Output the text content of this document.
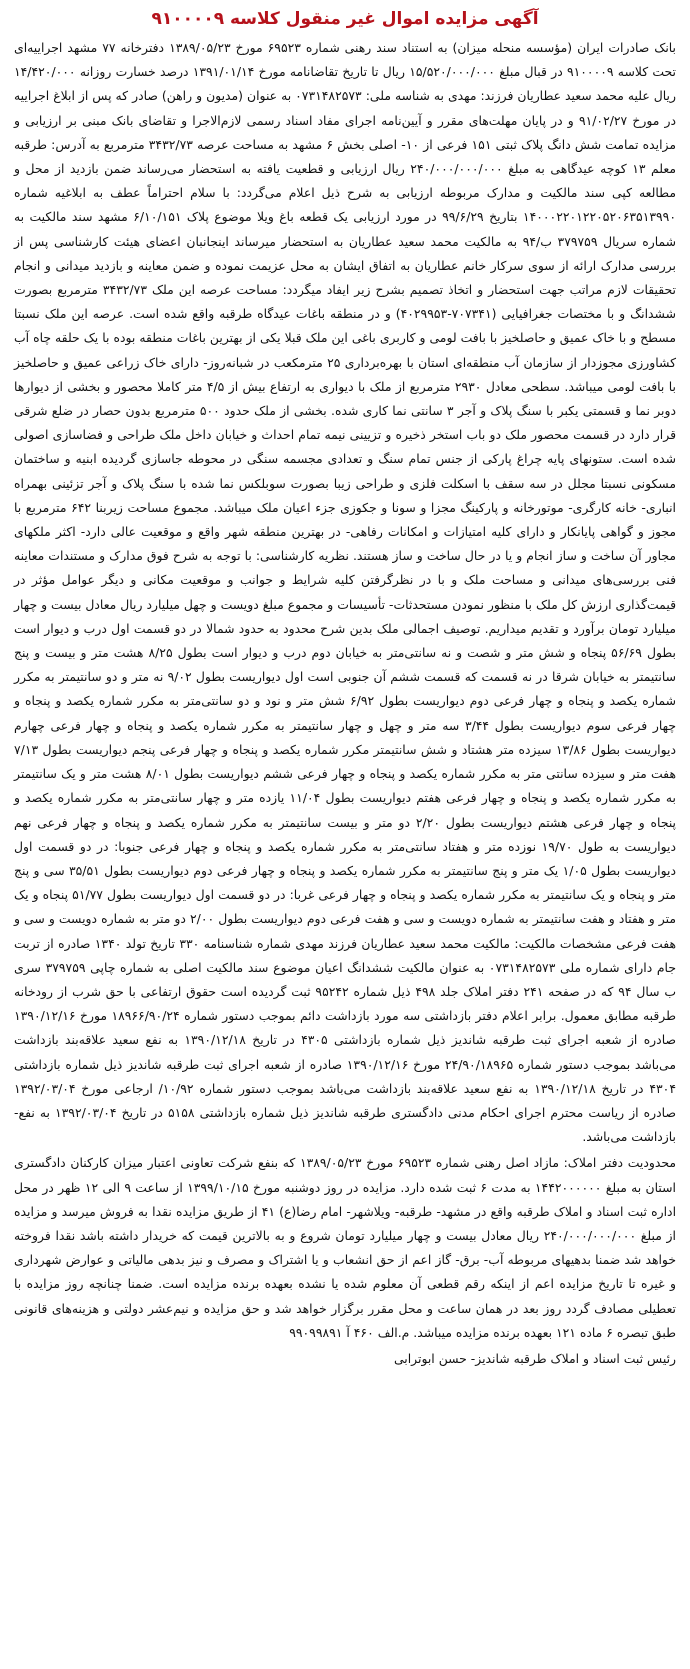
آگهی مزایده اموال غیر منقول کلاسه ۹۱۰۰۰۰۹

بانک صادرات ایران (مؤسسه منحله میزان) به استناد سند رهنی شماره ۶۹۵۲۳ مورخ ۱۳۸۹/۰۵/۲۳ دفترخانه ۷۷ مشهد اجراییه‌ای تحت کلاسه ۹۱۰۰۰۰۹ در قبال مبلغ ۱۵/۵۲۰/۰۰۰/۰۰۰ ریال تا تاریخ تقاضانامه مورخ ۱۳۹۱/۰۱/۱۴ درصد خسارت روزانه ۱۴/۴۲۰/۰۰۰ ریال علیه محمد سعید عطاریان فرزند: مهدی به شناسه ملی: ۰۷۳۱۴۸۲۵۷۳ به عنوان (مدیون و راهن) صادر که پس از ابلاغ اجراییه در مورخ ۹۱/۰۲/۲۷ و در پایان مهلت‌های مقرر و آیین‌نامه اجرای مفاد اسناد رسمی لازم‌الاجرا و تقاضای بانک مبنی بر ارزیابی و مزایده تمامت شش دانگ پلاک ثبتی ۱۵۱ فرعی از ۱۰- اصلی بخش ۶ مشهد به مساحت عرصه ۳۴۳۲/۷۳ مترمربع به آدرس: طرقبه معلم ۱۳ کوچه عیدگاهی به مبلغ ۲۴۰/۰۰۰/۰۰۰/۰۰۰ ریال ارزیابی و قطعیت یافته به استحضار می‌رساند ضمن بازدید از محل و مطالعه کپی سند مالکیت و مدارک مربوطه ارزیابی به شرح ذیل اعلام می‌گردد: با سلام احتراماً عطف به ابلاغیه شماره ۱۴۰۰۰۲۲۰۱۲۲۰۵۲۰۶۳۵۱۳۹۹۰ بتاریخ ۹۹/۶/۲۹ در مورد ارزیابی یک قطعه باغ ویلا موضوع پلاک ۶/۱۰/۱۵۱ مشهد سند مالکیت به شماره سریال ۳۷۹۷۵۹ ب/۹۴ به مالکیت محمد سعید عطاریان به استحضار میرساند اینجانبان اعضای هیئت کارشناسی پس از بررسی مدارک ارائه از سوی سرکار خانم عطاریان به اتفاق ایشان به محل عزیمت نموده و ضمن معاینه و بازدید میدانی و انجام تحقیقات لازم مراتب جهت استحضار و اتخاذ تصمیم بشرح زیر ایفاد میگردد: مساحت عرصه این ملک ۳۴۳۲/۷۳ مترمربع بصورت ششدانگ و با مختصات جغرافیایی (۷۰۷۳۴۱-۴۰۲۹۹۵۳) و در منطقه باغات عیدگاه طرقبه واقع شده است. عرصه این ملک نسبتا مسطح و با خاک عمیق و حاصلخیز با بافت لومی و کاربری باغی این ملک قبلا یکی از بهترین باغات منطقه بوده با یک حلقه چاه آب کشاورزی مجوزدار از سازمان آب منطقه‌ای استان با بهره‌برداری ۲۵ مترمکعب در شبانه‌روز- دارای خاک زراعی عمیق و حاصلخیز با بافت لومی میباشد. سطحی معادل ۲۹۳۰ مترمربع از ملک با دیواری به ارتفاع بیش از ۴/۵ متر کاملا محصور و بخشی از دیوارها دوبر نما و قسمتی یکبر با سنگ پلاک و آجر ۳ سانتی نما کاری شده. بخشی از ملک حدود ۵۰۰ مترمربع بدون حصار در ضلع شرقی قرار دارد در قسمت محصور ملک دو باب استخر ذخیره و تزیینی نیمه تمام احداث و خیابان داخل ملک طراحی و فضاسازی اصولی شده است. ستونهای پایه چراغ پارکی از جنس تمام سنگ و تعدادی مجسمه سنگی در محوطه جاسازی گردیده ابنیه و ساختمان مسکونی نسبتا مجلل در سه سقف با اسکلت فلزی و طراحی زیبا بصورت سوبلکس نما شده با سنگ پلاک و آجر تزئینی بهمراه انباری- خانه کارگری- موتورخانه و پارکینگ مجزا و سونا و جکوزی جزء اعیان ملک میباشد. مجموع مساحت زیربنا ۶۴۲ مترمربع با مجوز و گواهی پایانکار و دارای کلیه امتیازات و امکانات رفاهی- در بهترین منطقه شهر واقع و موقعیت عالی دارد- اکثر ملکهای مجاور آن ساخت و ساز انجام و یا در حال ساخت و ساز هستند. نظریه کارشناسی: با توجه به شرح فوق مدارک و مستندات معاینه فنی بررسی‌های میدانی و مساحت ملک و با در نظرگرفتن کلیه شرایط و جوانب و موقعیت مکانی و دیگر عوامل مؤثر در قیمت‌گذاری ارزش کل ملک با منظور نمودن مستحدثات- تأسیسات و مجموع مبلغ دویست و چهل میلیارد ریال معادل بیست و چهار میلیارد تومان برآورد و تقدیم میداریم. توصیف اجمالی ملک بدین شرح محدود به حدود شمالا در دو قسمت اول درب و دیوار است بطول ۵۶/۶۹ پنجاه و شش متر و شصت و نه سانتی‌متر به خیابان دوم درب و دیوار است بطول ۸/۲۵ هشت متر و بیست و پنج سانتیمتر به خیابان شرقا در نه قسمت که قسمت ششم آن جنوبی است اول دیواریست بطول ۹/۰۲ نه متر و دو سانتیمتر به مکرر شماره یکصد و پنجاه و چهار فرعی دوم دیواریست بطول ۶/۹۲ شش متر و نود و دو سانتی‌متر به مکرر شماره یکصد و پنجاه و چهار فرعی سوم دیواریست بطول ۳/۴۴ سه متر و چهل و چهار سانتیمتر به مکرر شماره یکصد و پنجاه و چهار فرعی چهارم دیواریست بطول ۱۳/۸۶ سیزده متر هشتاد و شش سانتیمتر مکرر شماره یکصد و پنجاه و چهار فرعی پنجم دیواریست بطول ۷/۱۳ هفت متر و سیزده سانتی متر به مکرر شماره یکصد و پنجاه و چهار فرعی ششم دیواریست بطول ۸/۰۱ هشت متر و یک سانتیمتر به مکرر شماره یکصد و پنجاه و چهار فرعی هفتم دیواریست بطول ۱۱/۰۴ یازده متر و چهار سانتی‌متر به مکرر شماره یکصد و پنجاه و چهار فرعی هشتم دیواریست بطول ۲/۲۰ دو متر و بیست سانتیمتر به مکرر شماره یکصد و پنجاه و چهار فرعی نهم دیواریست به طول ۱۹/۷۰ نوزده متر و هفتاد سانتی‌متر به مکرر شماره یکصد و پنجاه و چهار فرعی جنوبا: در دو قسمت اول دیواریست بطول ۱/۰۵ یک متر و پنج سانتیمتر به مکرر شماره یکصد و پنجاه و چهار فرعی دوم دیواریست بطول ۳۵/۵۱ سی و پنج متر و پنجاه و یک سانتیمتر به مکرر شماره یکصد و پنجاه و چهار فرعی غربا: در دو قسمت اول دیواریست بطول ۵۱/۷۷ پنجاه و یک متر و هفتاد و هفت سانتیمتر به شماره دویست و سی و هفت فرعی دوم دیواریست بطول ۲/۰۰ دو متر به شماره دویست و سی و هفت فرعی مشخصات مالکیت: مالکیت محمد سعید عطاریان فرزند مهدی شماره شناسنامه ۳۳۰ تاریخ تولد ۱۳۴۰ صادره از تربت جام دارای شماره ملی ۰۷۳۱۴۸۲۵۷۳ به عنوان مالکیت ششدانگ اعیان موضوع سند مالکیت اصلی به شماره چاپی ۳۷۹۷۵۹ سری ب سال ۹۴ که در صفحه ۲۴۱ دفتر املاک جلد ۴۹۸ ذیل شماره ۹۵۲۴۲ ثبت گردیده است حقوق ارتفاعی با حق شرب از رودخانه طرقبه مطابق معمول. برابر اعلام دفتر بازداشتی سه مورد بازداشت دائم بموجب دستور شماره ۱۸۹۶۶/۹۰/۲۴ مورخ ۱۳۹۰/۱۲/۱۶ صادره از شعبه اجرای ثبت طرقبه شاندیز ذیل شماره بازداشتی ۴۳۰۵ در تاریخ ۱۳۹۰/۱۲/۱۸ به نفع سعید علاقه‌بند بازداشت می‌باشد بموجب دستور شماره ۲۴/۹۰/۱۸۹۶۵ مورخ ۱۳۹۰/۱۲/۱۶ صادره از شعبه اجرای ثبت طرقبه شاندیز ذیل شماره بازداشتی ۴۳۰۴ در تاریخ ۱۳۹۰/۱۲/۱۸ به نفع سعید علاقه‌بند بازداشت می‌باشد بموجب دستور شماره ۱۰/۹۲/ ارجاعی مورخ ۱۳۹۲/۰۳/۰۴ صادره از ریاست محترم اجرای احکام مدنی دادگستری طرقبه شاندیز ذیل شماره بازداشتی ۵۱۵۸ در تاریخ ۱۳۹۲/۰۳/۰۴ به نفع- بازداشت می‌باشد.

محدودیت دفتر املاک: مازاد اصل رهنی شماره ۶۹۵۲۳ مورخ ۱۳۸۹/۰۵/۲۳ که بنفع شرکت تعاونی اعتبار میزان کارکنان دادگستری استان به مبلغ ۱۴۴۲۰۰۰۰۰۰ به مدت ۶ ثبت شده دارد. مزایده در روز دوشنبه مورخ ۱۳۹۹/۱۰/۱۵ از ساعت ۹ الی ۱۲ ظهر در محل اداره ثبت اسناد و املاک طرقبه واقع در مشهد- طرقبه- ویلاشهر- امام رضا(ع) ۴۱ از طریق مزایده نقدا به فروش میرسد و مزایده از مبلغ ۲۴۰/۰۰۰/۰۰۰/۰۰۰ ریال معادل بیست و چهار میلیارد تومان شروع و به بالاترین قیمت که خریدار داشته باشد نقدا فروخته خواهد شد ضمنا بدهیهای مربوطه آب- برق- گاز اعم از حق انشعاب و یا اشتراک و مصرف و نیز بدهی مالیاتی و عوارض شهرداری و غیره تا تاریخ مزایده اعم از اینکه رقم قطعی آن معلوم شده یا نشده بعهده برنده مزایده است. ضمنا چنانچه روز مزایده با تعطیلی مصادف گردد روز بعد در همان ساعت و محل مقرر برگزار خواهد شد و حق مزایده و نیم‌عشر دولتی و هزینه‌های قانونی طبق تبصره ۶ ماده ۱۲۱ بعهده برنده مزایده میباشد. م.الف ۴۶۰ آ ۹۹۰۹۹۸۹۱

رئیس ثبت اسناد و املاک طرقبه شاندیز- حسن ابوترابی
